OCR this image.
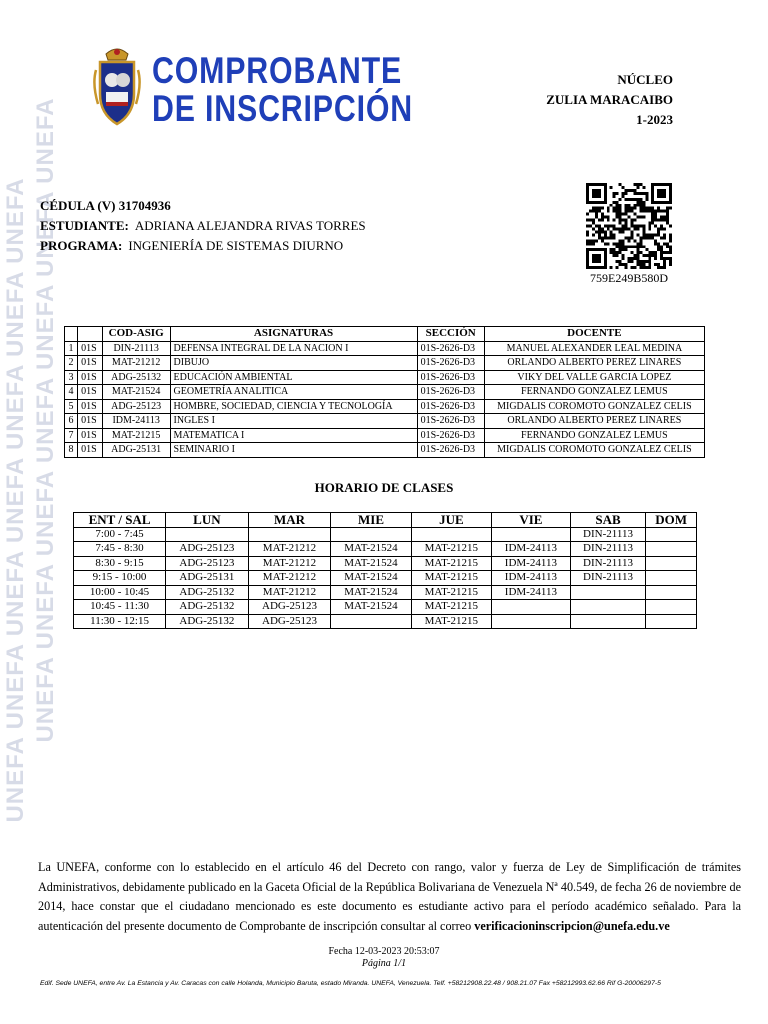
UNEFA UNEFA UNEFA UNEFA UNEFA UNEFA UNEFA UNEFA UNEFA UNEFA UNEFA UNEFA UNEFA UNEFA
COMPROBANTE
DE INSCRIPCIÓN
NÚCLEO
ZULIA MARACAIBO
1-2023
CÉDULA (V) 31704936
ESTUDIANTE: ADRIANA ALEJANDRA RIVAS TORRES
PROGRAMA: INGENIERÍA DE SISTEMAS DIURNO
759E249B580D
		COD-ASIG	ASIGNATURAS	SECCIÓN	DOCENTE
1	01S	DIN-21113	DEFENSA INTEGRAL DE LA NACION I	01S-2626-D3	MANUEL ALEXANDER LEAL MEDINA
2	01S	MAT-21212	DIBUJO	01S-2626-D3	ORLANDO ALBERTO PEREZ LINARES
3	01S	ADG-25132	EDUCACIÓN AMBIENTAL	01S-2626-D3	VIKY DEL VALLE GARCIA LOPEZ
4	01S	MAT-21524	GEOMETRÍA ANALITICA	01S-2626-D3	FERNANDO GONZALEZ LEMUS
5	01S	ADG-25123	HOMBRE, SOCIEDAD, CIENCIA Y TECNOLOGÍA	01S-2626-D3	MIGDALIS COROMOTO GONZALEZ CELIS
6	01S	IDM-24113	INGLES I	01S-2626-D3	ORLANDO ALBERTO PEREZ LINARES
7	01S	MAT-21215	MATEMATICA I	01S-2626-D3	FERNANDO GONZALEZ LEMUS
8	01S	ADG-25131	SEMINARIO I	01S-2626-D3	MIGDALIS COROMOTO GONZALEZ CELIS
HORARIO DE CLASES
ENT / SAL	LUN	MAR	MIE	JUE	VIE	SAB	DOM
7:00 - 7:45						DIN-21113	
7:45 - 8:30	ADG-25123	MAT-21212	MAT-21524	MAT-21215	IDM-24113	DIN-21113	
8:30 - 9:15	ADG-25123	MAT-21212	MAT-21524	MAT-21215	IDM-24113	DIN-21113	
9:15 - 10:00	ADG-25131	MAT-21212	MAT-21524	MAT-21215	IDM-24113	DIN-21113	
10:00 - 10:45	ADG-25132	MAT-21212	MAT-21524	MAT-21215	IDM-24113		
10:45 - 11:30	ADG-25132	ADG-25123	MAT-21524	MAT-21215			
11:30 - 12:15	ADG-25132	ADG-25123		MAT-21215			
La UNEFA, conforme con lo establecido en el artículo 46 del Decreto con rango, valor y fuerza de Ley de Simplificación de trámites Administrativos, debidamente publicado en la Gaceta Oficial de la República Bolivariana de Venezuela Nª 40.549, de fecha 26 de noviembre de 2014, hace constar que el ciudadano mencionado es este documento es estudiante activo para el período académico señalado. Para la autenticación del presente documento de Comprobante de inscripción consultar al correo verificacioninscripcion@unefa.edu.ve
Fecha 12-03-2023 20:53:07
Página 1/1
Edif. Sede UNEFA, entre Av. La Estancia y Av. Caracas con calle Holanda, Municipio Baruta, estado Miranda. UNEFA, Venezuela. Telf. +58212908.22.48 / 908.21.07 Fax +58212993.62.66 Rif G-20006297-5
